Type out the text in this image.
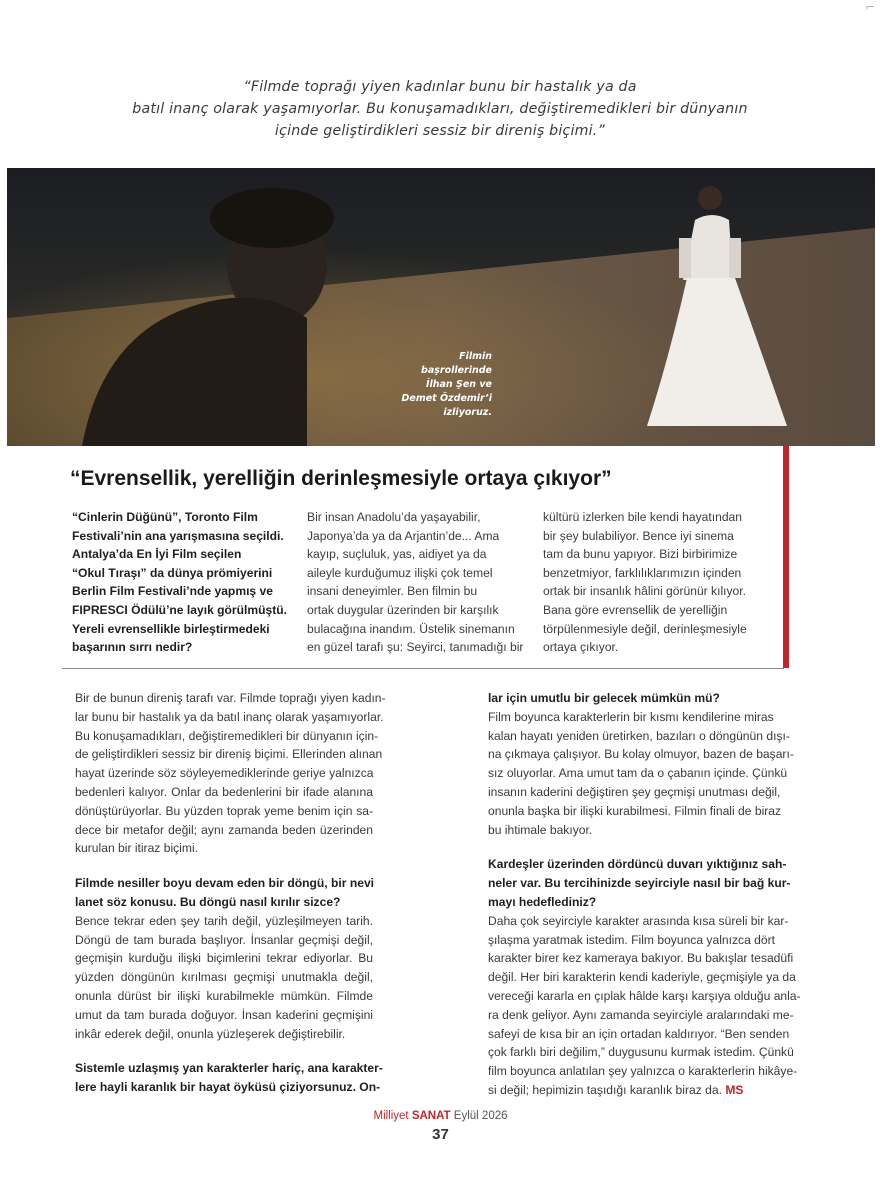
⌐
“Filmde toprağı yiyen kadınlar bunu bir hastalık ya da
batıl inanç olarak yaşamıyorlar. Bu konuşamadıkları, değiştiremedikleri bir dünyanın
içinde geliştirdikleri sessiz bir direniş biçimi.”
Filmin
başrollerinde
İlhan Şen ve
Demet Özdemir’i
izliyoruz.
“Evrensellik, yerelliğin derinleşmesiyle ortaya çıkıyor”
“Cinlerin Düğünü”, Toronto Film
Festivali’nin ana yarışmasına seçildi.
Antalya’da En İyi Film seçilen
“Okul Tıraşı” da dünya prömiyerini
Berlin Film Festivali’nde yapmış ve
FIPRESCI Ödülü’ne layık görülmüştü.
Yereli evrensellikle birleştirmedeki
başarının sırrı nedir?
Bir insan Anadolu’da yaşayabilir,
Japonya’da ya da Arjantin’de... Ama
kayıp, suçluluk, yas, aidiyet ya da
aileyle kurduğumuz ilişki çok temel
insani deneyimler. Ben filmin bu
ortak duygular üzerinden bir karşılık
bulacağına inandım. Üstelik sinemanın
en güzel tarafı şu: Seyirci, tanımadığı bir
kültürü izlerken bile kendi hayatından
bir şey bulabiliyor. Bence iyi sinema
tam da bunu yapıyor. Bizi birbirimize
benzetmiyor, farklılıklarımızın içinden
ortak bir insanlık hâlini görünür kılıyor.
Bana göre evrensellik de yerelliğin
törpülenmesiyle değil, derinleşmesiyle
ortaya çıkıyor.
Bir de bunun direniş tarafı var. Filmde toprağı yiyen kadın-
lar bunu bir hastalık ya da batıl inanç olarak yaşamıyorlar.
Bu konuşamadıkları, değiştiremedikleri bir dünyanın için-
de geliştirdikleri sessiz bir direniş biçimi. Ellerinden alınan
hayat üzerinde söz söyleyemediklerinde geriye yalnızca
bedenleri kalıyor. Onlar da bedenlerini bir ifade alanına
dönüştürüyorlar. Bu yüzden toprak yeme benim için sa-
dece bir metafor değil; aynı zamanda beden üzerinden
kurulan bir itiraz biçimi.
Filmde nesiller boyu devam eden bir döngü, bir nevi
lanet söz konusu. Bu döngü nasıl kırılır sizce?
Bence tekrar eden şey tarih değil, yüzleşilmeyen tarih.
Döngü de tam burada başlıyor. İnsanlar geçmişi değil,
geçmişin kurduğu ilişki biçimlerini tekrar ediyorlar. Bu
yüzden döngünün kırılması geçmişi unutmakla değil,
onunla dürüst bir ilişki kurabilmekle mümkün. Filmde
umut da tam burada doğuyor. İnsan kaderini geçmişini
inkâr ederek değil, onunla yüzleşerek değiştirebilir.
Sistemle uzlaşmış yan karakterler hariç, ana karakter-
lere hayli karanlık bir hayat öyküsü çiziyorsunuz. On-
lar için umutlu bir gelecek mümkün mü?
Film boyunca karakterlerin bir kısmı kendilerine miras
kalan hayatı yeniden üretirken, bazıları o döngünün dışı-
na çıkmaya çalışıyor. Bu kolay olmuyor, bazen de başarı-
sız oluyorlar. Ama umut tam da o çabanın içinde. Çünkü
insanın kaderini değiştiren şey geçmişi unutması değil,
onunla başka bir ilişki kurabilmesi. Filmin finali de biraz
bu ihtimale bakıyor.
Kardeşler üzerinden dördüncü duvarı yıktığınız sah-
neler var. Bu tercihinizde seyirciyle nasıl bir bağ kur-
mayı hedeflediniz?
Daha çok seyirciyle karakter arasında kısa süreli bir kar-
şılaşma yaratmak istedim. Film boyunca yalnızca dört
karakter birer kez kameraya bakıyor. Bu bakışlar tesadüfi
değil. Her biri karakterin kendi kaderiyle, geçmişiyle ya da
vereceği kararla en çıplak hâlde karşı karşıya olduğu anla-
ra denk geliyor. Aynı zamanda seyirciyle aralarındaki me-
safeyi de kısa bir an için ortadan kaldırıyor. “Ben senden
çok farklı biri değilim,” duygusunu kurmak istedim. Çünkü
film boyunca anlatılan şey yalnızca o karakterlerin hikâye-
si değil; hepimizin taşıdığı karanlık biraz da. MS
Milliyet SANAT Eylül 2026
37
